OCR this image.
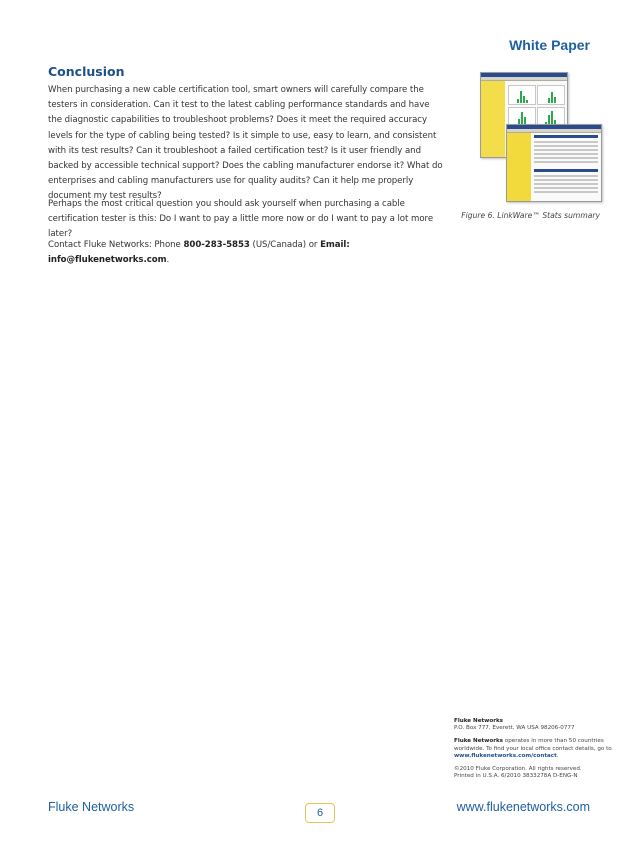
White Paper
Conclusion

When purchasing a new cable certification tool, smart owners will carefully compare the testers in consideration. Can it test to the latest cabling performance standards and have the diagnostic capabilities to troubleshoot problems? Does it meet the required accuracy levels for the type of cabling being tested? Is it simple to use, easy to learn, and consistent with its test results? Can it troubleshoot a failed certification test? Is it user friendly and backed by accessible technical support? Does the cabling manufacturer endorse it? What do enterprises and cabling manufacturers use for quality audits? Can it help me properly document my test results?

Perhaps the most critical question you should ask yourself when purchasing a cable certification tester is this: Do I want to pay a little more now or do I want to pay a lot more later?

Contact Fluke Networks: Phone 800-283-5853 (US/Canada) or Email: info@flukenetworks.com.

Figure 6. LinkWare™ Stats summary

Fluke Networks
P.O. Box 777, Everett, WA USA 98206-0777

Fluke Networks operates in more than 50 countries worldwide. To find your local office contact details, go to www.flukenetworks.com/contact.

©2010 Fluke Corporation. All rights reserved.
Printed in U.S.A. 6/2010 3833278A D-ENG-N

Fluke Networks	6	www.flukenetworks.com
